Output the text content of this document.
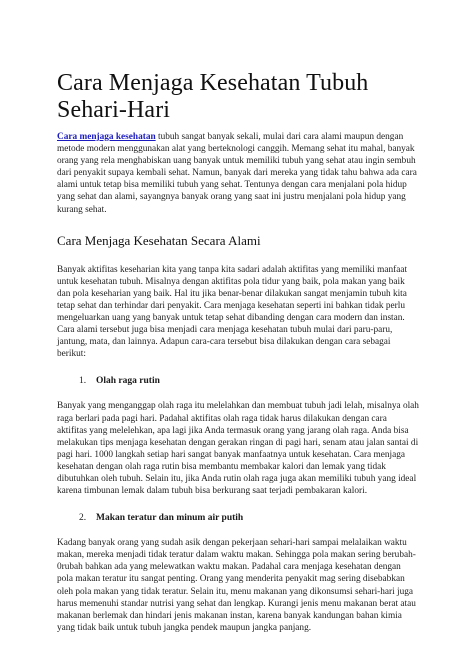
Cara Menjaga Kesehatan Tubuh Sehari-Hari

Cara menjaga kesehatan tubuh sangat banyak sekali, mulai dari cara alami maupun dengan metode modern menggunakan alat yang berteknologi canggih. Memang sehat itu mahal, banyak orang yang rela menghabiskan uang banyak untuk memiliki tubuh yang sehat atau ingin sembuh dari penyakit supaya kembali sehat. Namun, banyak dari mereka yang tidak tahu bahwa ada cara alami untuk tetap bisa memiliki tubuh yang sehat. Tentunya dengan cara menjalani pola hidup yang sehat dan alami, sayangnya banyak orang yang saat ini justru menjalani pola hidup yang kurang sehat.

Cara Menjaga Kesehatan Secara Alami

Banyak aktifitas keseharian kita yang tanpa kita sadari adalah aktifitas yang memiliki manfaat untuk kesehatan tubuh. Misalnya dengan aktifitas pola tidur yang baik, pola makan yang baik dan pola keseharian yang baik. Hal itu jika benar-benar dilakukan sangat menjamin tubuh kita tetap sehat dan terhindar dari penyakit. Cara menjaga kesehatan seperti ini bahkan tidak perlu mengeluarkan uang yang banyak untuk tetap sehat dibanding dengan cara modern dan instan. Cara alami tersebut juga bisa menjadi cara menjaga kesehatan tubuh mulai dari paru-paru, jantung, mata, dan lainnya. Adapun cara-cara tersebut bisa dilakukan dengan cara sebagai berikut:

1.	Olah raga rutin

Banyak yang menganggap olah raga itu melelahkan dan membuat tubuh jadi lelah, misalnya olah raga berlari pada pagi hari. Padahal aktifitas olah raga tidak harus dilakukan dengan cara aktifitas yang melelehkan, apa lagi jika Anda termasuk orang yang jarang olah raga. Anda bisa melakukan tips menjaga kesehatan dengan gerakan ringan di pagi hari, senam atau jalan santai di pagi hari. 1000 langkah setiap hari sangat banyak manfaatnya untuk kesehatan. Cara menjaga kesehatan dengan olah raga rutin bisa membantu membakar kalori dan lemak yang tidak dibutuhkan oleh tubuh. Selain itu, jika Anda rutin olah raga juga akan memiliki tubuh yang ideal karena timbunan lemak dalam tubuh bisa berkurang saat terjadi pembakaran kalori.

2.	Makan teratur dan minum air putih

Kadang banyak orang yang sudah asik dengan pekerjaan sehari-hari sampai melalaikan waktu makan, mereka menjadi tidak teratur dalam waktu makan. Sehingga pola makan sering berubah-0rubah bahkan ada yang melewatkan waktu makan. Padahal cara menjaga kesehatan dengan pola makan teratur itu sangat penting. Orang yang menderita penyakit mag sering disebabkan oleh pola makan yang tidak teratur. Selain itu, menu makanan yang dikonsumsi sehari-hari juga harus memenuhi standar nutrisi yang sehat dan lengkap. Kurangi jenis menu makanan berat atau makanan berlemak dan hindari jenis makanan instan, karena banyak kandungan bahan kimia yang tidak baik untuk tubuh jangka pendek maupun jangka panjang.
